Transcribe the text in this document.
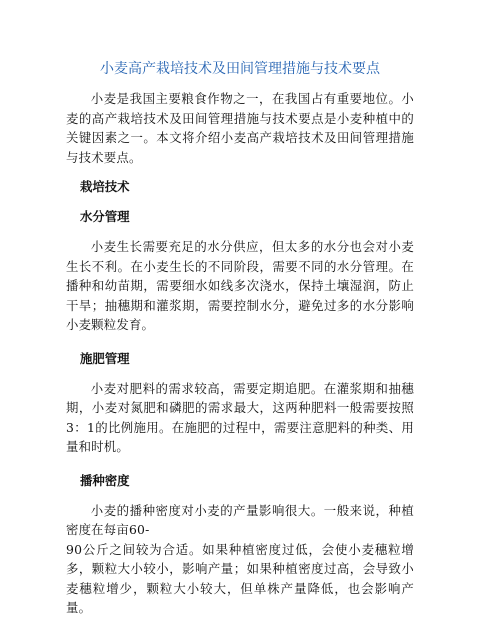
小麦高产栽培技术及田间管理措施与技术要点

小麦是我国主要粮食作物之一，在我国占有重要地位。小麦的高产栽培技术及田间管理措施与技术要点是小麦种植中的关键因素之一。本文将介绍小麦高产栽培技术及田间管理措施与技术要点。

栽培技术
水分管理

小麦生长需要充足的水分供应，但太多的水分也会对小麦生长不利。在小麦生长的不同阶段，需要不同的水分管理。在播种和幼苗期，需要细水如线多次浇水，保持土壤湿润，防止干旱；抽穗期和灌浆期，需要控制水分，避免过多的水分影响小麦颗粒发育。

施肥管理

小麦对肥料的需求较高，需要定期追肥。在灌浆期和抽穗期，小麦对氮肥和磷肥的需求最大，这两种肥料一般需要按照3：1的比例施用。在施肥的过程中，需要注意肥料的种类、用量和时机。

播种密度

小麦的播种密度对小麦的产量影响很大。一般来说，种植密度在每亩60-

90公斤之间较为合适。如果种植密度过低，会使小麦穗粒增多，颗粒大小较小，影响产量；如果种植密度过高，会导致小麦穗粒增少，颗粒大小较大，但单株产量降低，也会影响产量。
